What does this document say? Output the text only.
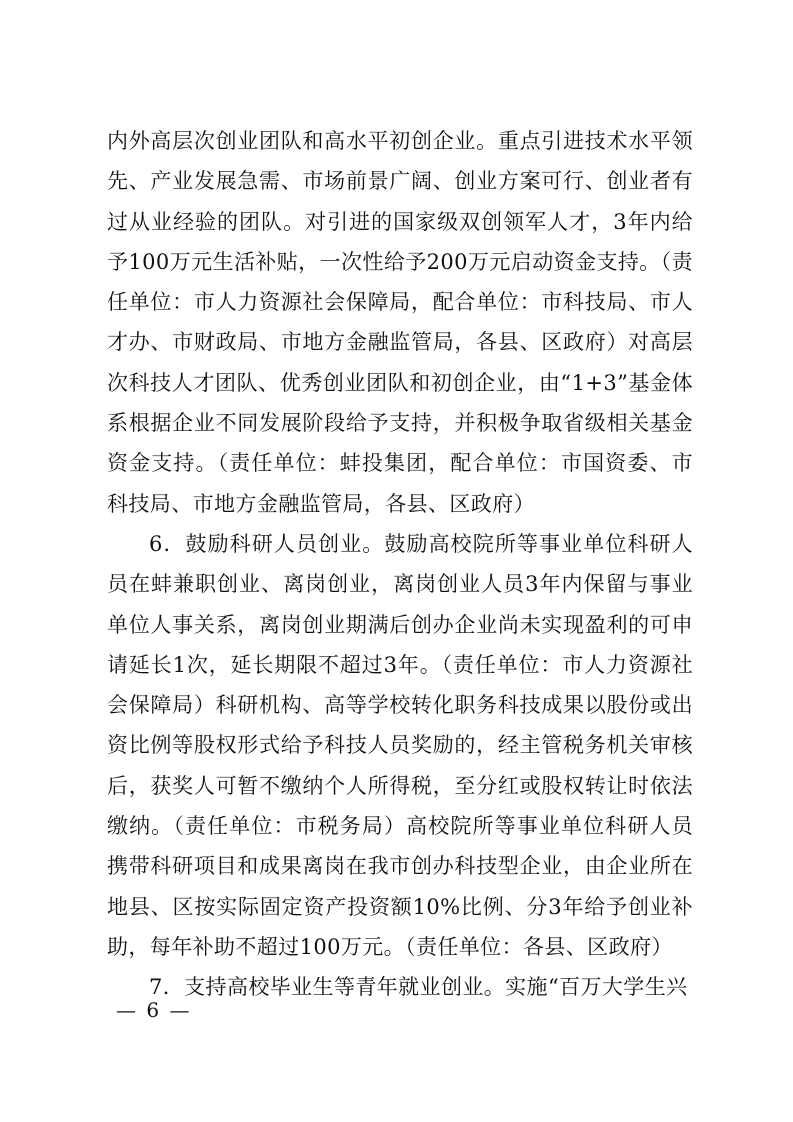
内外高层次创业团队和高水平初创企业。重点引进技术水平领先、产业发展急需、市场前景广阔、创业方案可行、创业者有过从业经验的团队。对引进的国家级双创领军人才，3年内给予100万元生活补贴，一次性给予200万元启动资金支持。（责任单位：市人力资源社会保障局，配合单位：市科技局、市人才办、市财政局、市地方金融监管局，各县、区政府）对高层次科技人才团队、优秀创业团队和初创企业，由“1+3”基金体系根据企业不同发展阶段给予支持，并积极争取省级相关基金资金支持。（责任单位：蚌投集团，配合单位：市国资委、市科技局、市地方金融监管局，各县、区政府）

6．鼓励科研人员创业。鼓励高校院所等事业单位科研人员在蚌兼职创业、离岗创业，离岗创业人员3年内保留与事业单位人事关系，离岗创业期满后创办企业尚未实现盈利的可申请延长1次，延长期限不超过3年。（责任单位：市人力资源社会保障局）科研机构、高等学校转化职务科技成果以股份或出资比例等股权形式给予科技人员奖励的，经主管税务机关审核后，获奖人可暂不缴纳个人所得税，至分红或股权转让时依法缴纳。（责任单位：市税务局）高校院所等事业单位科研人员携带科研项目和成果离岗在我市创办科技型企业，由企业所在地县、区按实际固定资产投资额10%比例、分3年给予创业补助，每年补助不超过100万元。（责任单位：各县、区政府）

7．支持高校毕业生等青年就业创业。实施“百万大学生兴

— 6 —
